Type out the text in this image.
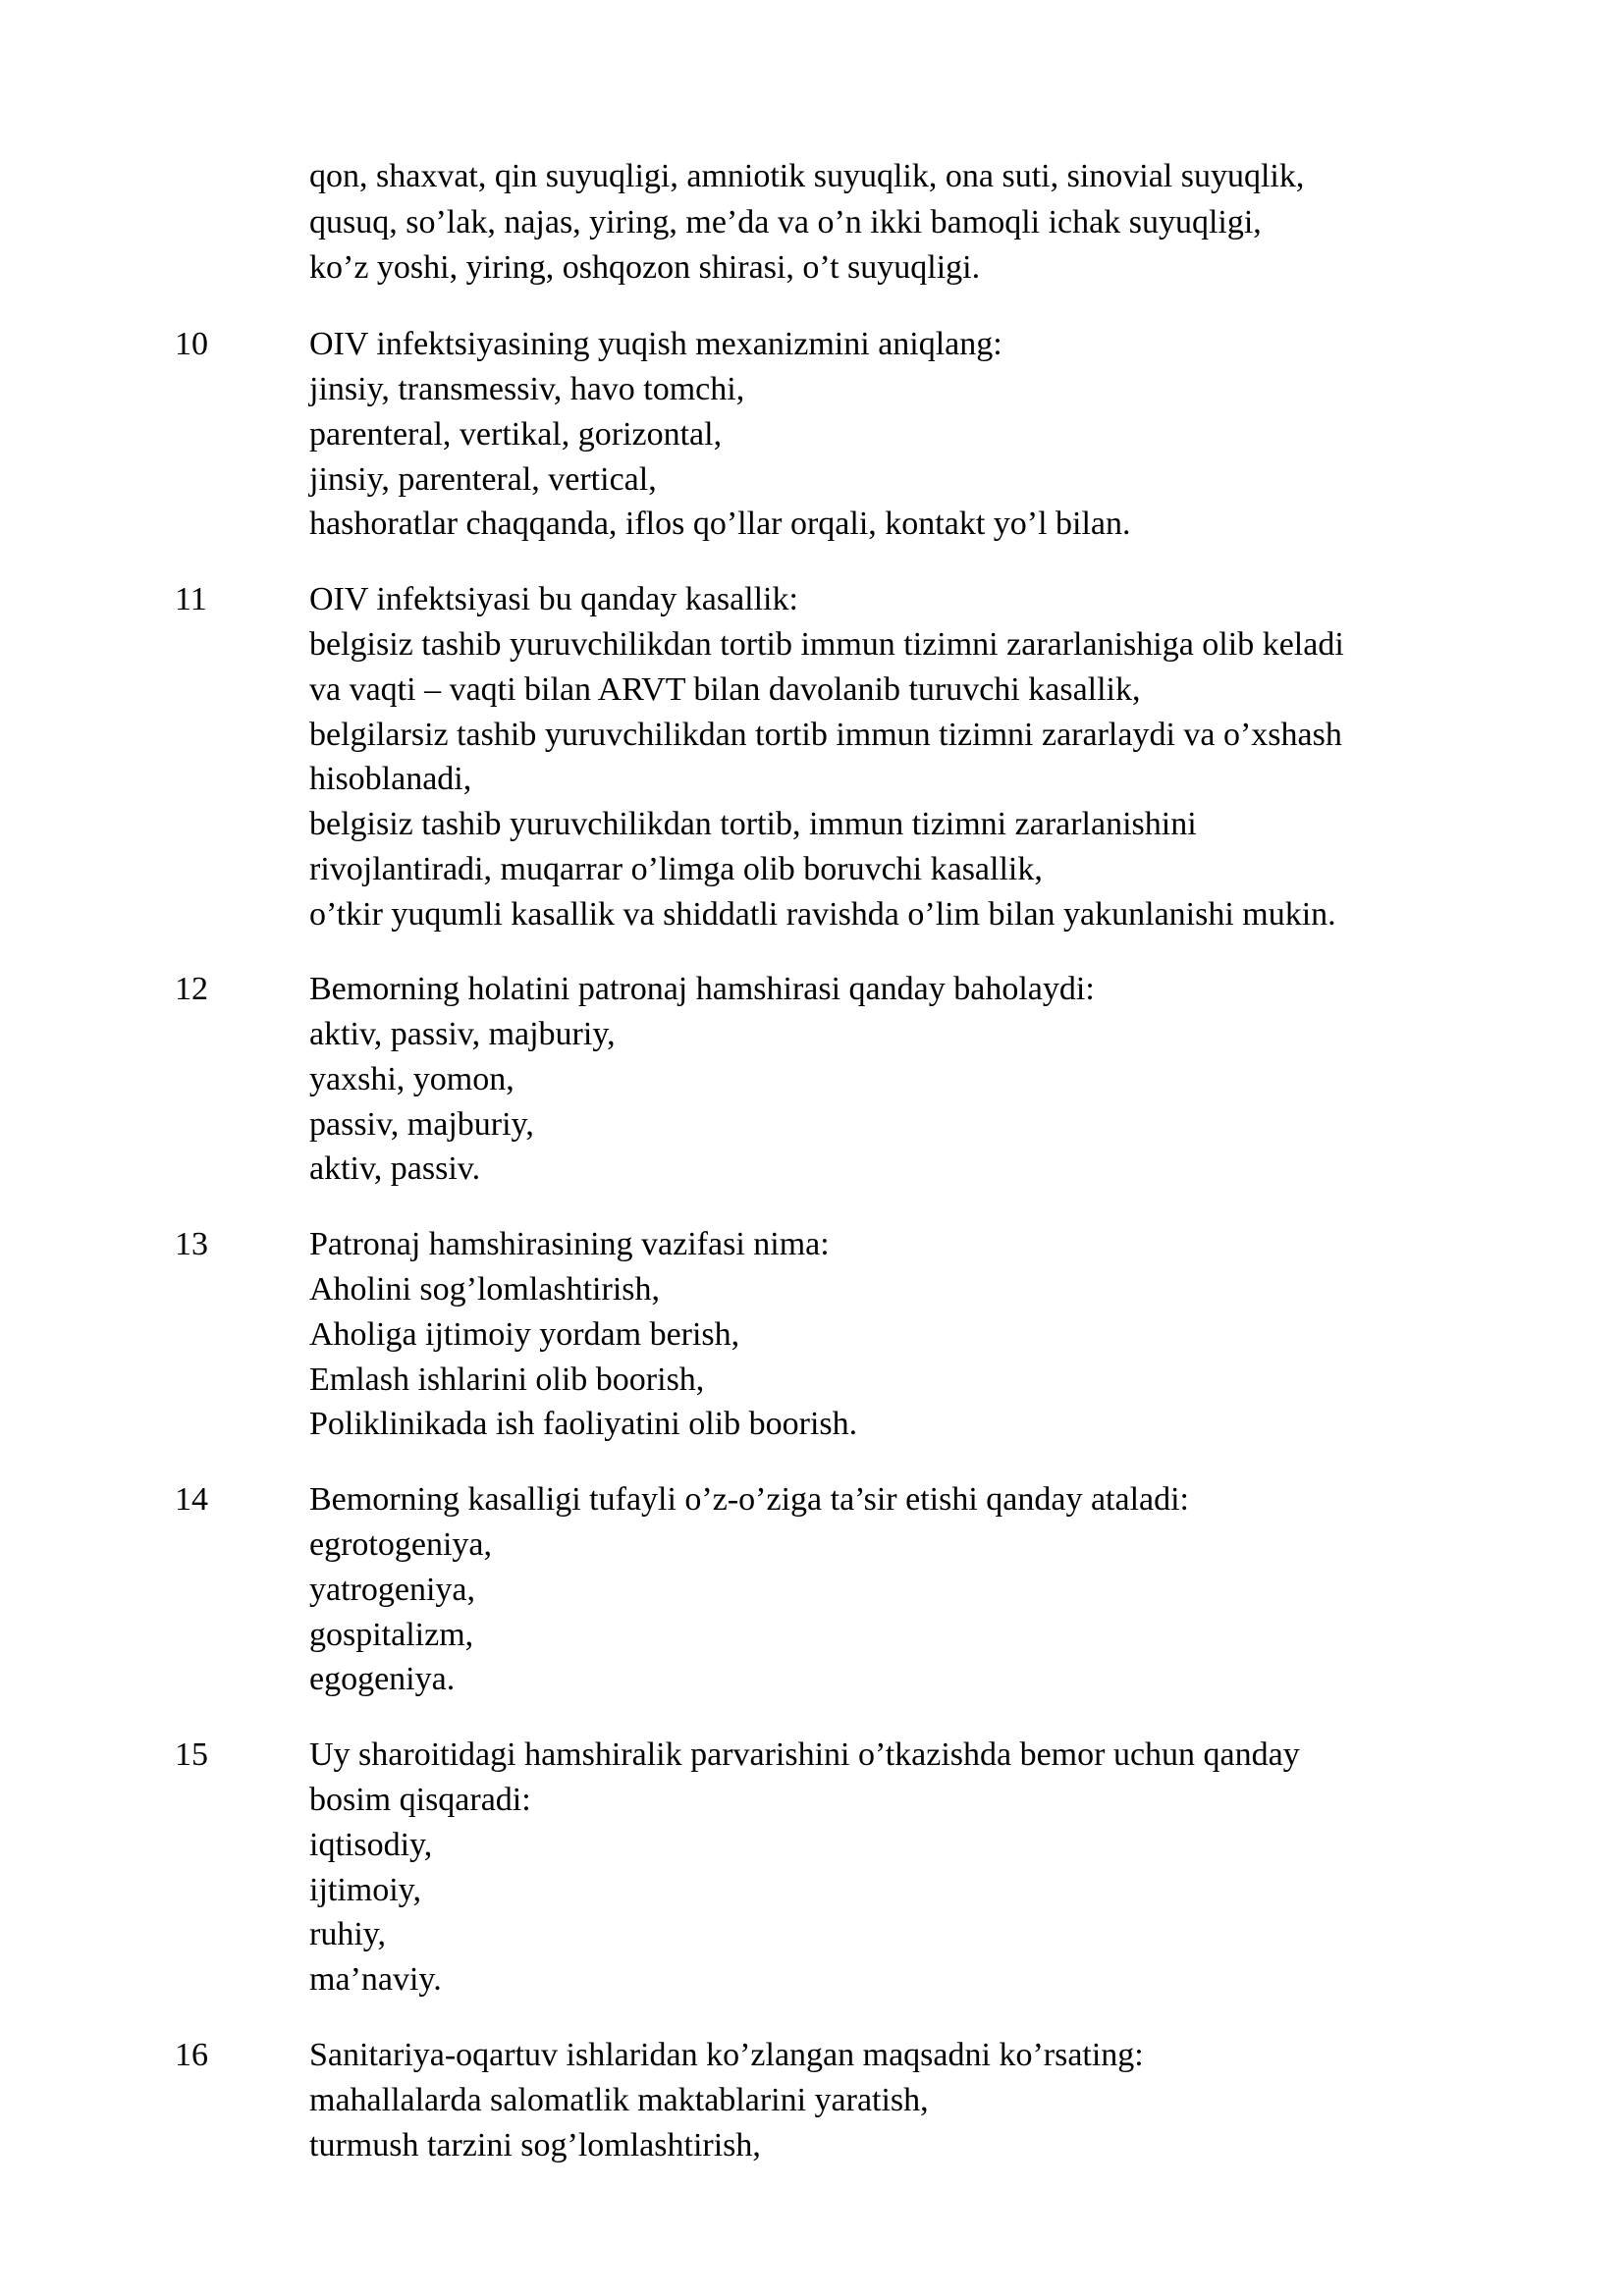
qon, shaxvat, qin suyuqligi, amniotik suyuqlik, ona suti, sinovial suyuqlik,
qusuq, so’lak, najas, yiring, me’da va o’n ikki bamoqli ichak suyuqligi,
ko’z yoshi, yiring, oshqozon shirasi, o’t suyuqligi.
10	OIV infektsiyasining yuqish mexanizmini aniqlang:
jinsiy, transmessiv, havo tomchi,
parenteral, vertikal, gorizontal,
jinsiy, parenteral, vertical,
hashoratlar chaqqanda, iflos qo’llar orqali, kontakt yo’l bilan.
11	OIV infektsiyasi bu qanday kasallik:
belgisiz tashib yuruvchilikdan tortib immun tizimni zararlanishiga olib keladi
va vaqti – vaqti bilan ARVT bilan davolanib turuvchi kasallik,
belgilarsiz tashib yuruvchilikdan tortib immun tizimni zararlaydi va o’xshash
hisoblanadi,
belgisiz tashib yuruvchilikdan tortib, immun tizimni zararlanishini
rivojlantiradi, muqarrar o’limga olib boruvchi kasallik,
o’tkir yuqumli kasallik va shiddatli ravishda o’lim bilan yakunlanishi mukin.
12	Bemorning holatini patronaj hamshirasi qanday baholaydi:
aktiv, passiv, majburiy,
yaxshi, yomon,
passiv, majburiy,
aktiv, passiv.
13	Patronaj hamshirasining vazifasi nima:
Aholini sog’lomlashtirish,
Aholiga ijtimoiy yordam berish,
Emlash ishlarini olib boorish,
Poliklinikada ish faoliyatini olib boorish.
14	Bemorning kasalligi tufayli o’z-o’ziga ta’sir etishi qanday ataladi:
egrotogeniya,
yatrogeniya,
gospitalizm,
egogeniya.
15	Uy sharoitidagi hamshiralik parvarishini o’tkazishda bemor uchun qanday
bosim qisqaradi:
iqtisodiy,
ijtimoiy,
ruhiy,
ma’naviy.
16	Sanitariya-oqartuv ishlaridan ko’zlangan maqsadni ko’rsating:
mahallalarda salomatlik maktablarini yaratish,
turmush tarzini sog’lomlashtirish,
